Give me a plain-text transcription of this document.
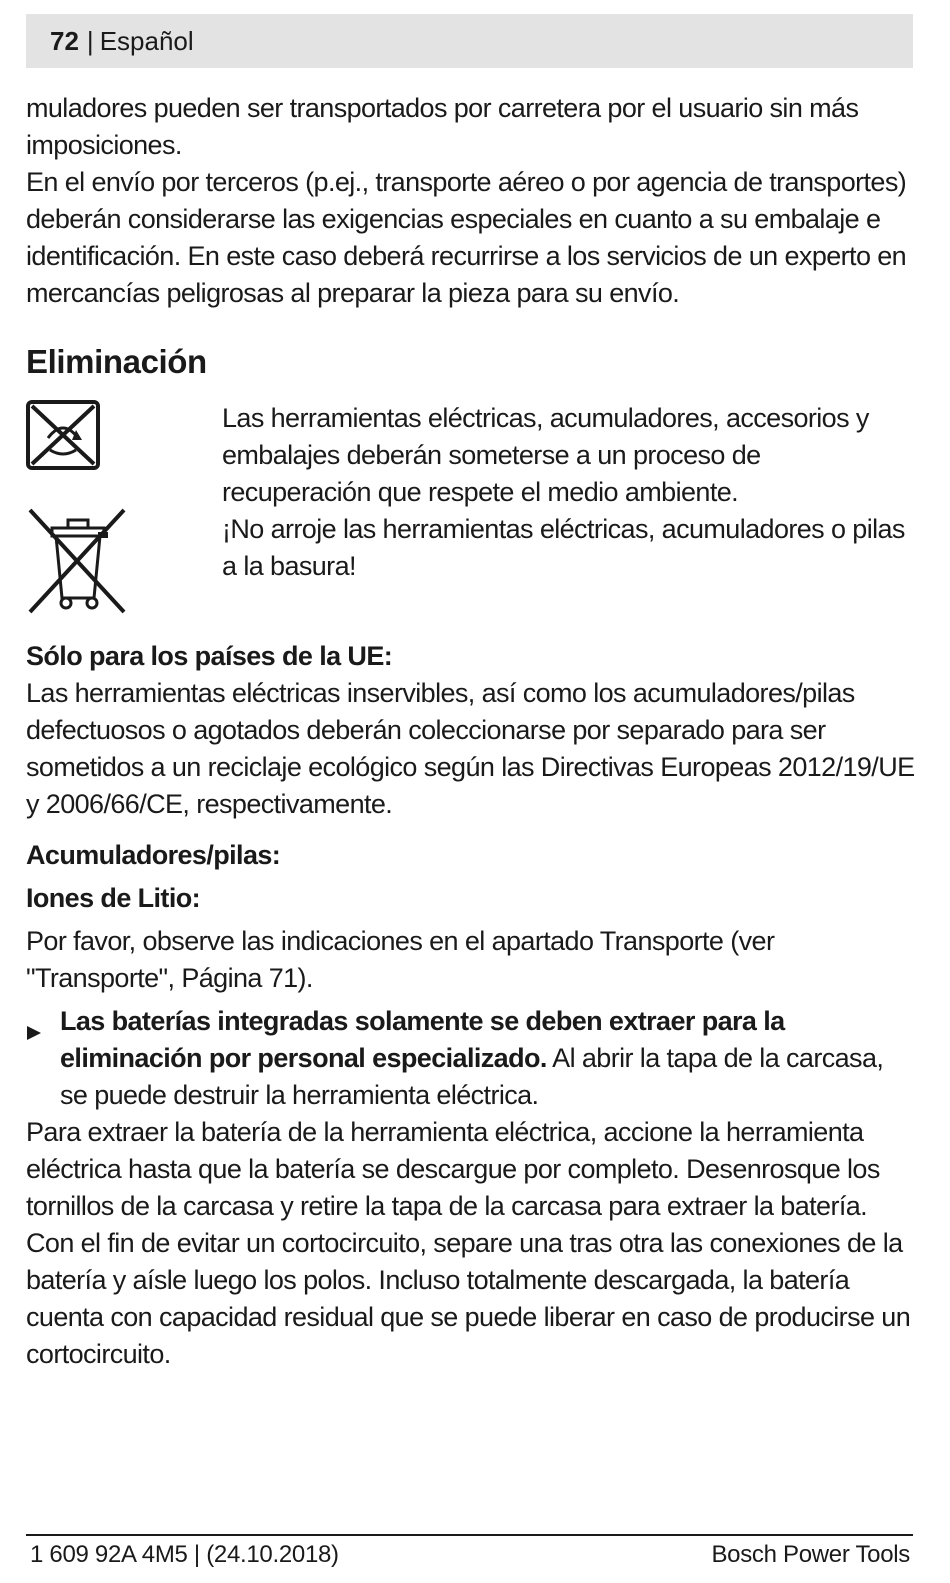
72 | Español

muladores pueden ser transportados por carretera por el usuario sin más imposiciones.

En el envío por terceros (p.ej., transporte aéreo o por agencia de transportes) deberán considerarse las exigencias especiales en cuanto a su embalaje e identificación. En este caso deberá recurrirse a los servicios de un experto en mercancías peligrosas al preparar la pieza para su envío.

Eliminación

Las herramientas eléctricas, acumuladores, accesorios y embalajes deberán someterse a un proceso de recuperación que respete el medio ambiente.

¡No arroje las herramientas eléctricas, acumuladores o pilas a la basura!

Sólo para los países de la UE:

Las herramientas eléctricas inservibles, así como los acumuladores/pilas defectuosos o agotados deberán coleccionarse por separado para ser sometidos a un reciclaje ecológico según las Directivas Europeas 2012/19/UE y 2006/66/CE, respectivamente.

Acumuladores/pilas:

Iones de Litio:

Por favor, observe las indicaciones en el apartado Transporte (ver "Transporte", Página 71).

Las baterías integradas solamente se deben extraer para la eliminación por personal especializado. Al abrir la tapa de la carcasa, se puede destruir la herramienta eléctrica.

Para extraer la batería de la herramienta eléctrica, accione la herramienta eléctrica hasta que la batería se descargue por completo. Desenrosque los tornillos de la carcasa y retire la tapa de la carcasa para extraer la batería. Con el fin de evitar un cortocircuito, separe una tras otra las conexiones de la batería y aísle luego los polos. Incluso totalmente descargada, la batería cuenta con capacidad residual que se puede liberar en caso de producirse un cortocircuito.

1 609 92A 4M5 | (24.10.2018)	Bosch Power Tools
